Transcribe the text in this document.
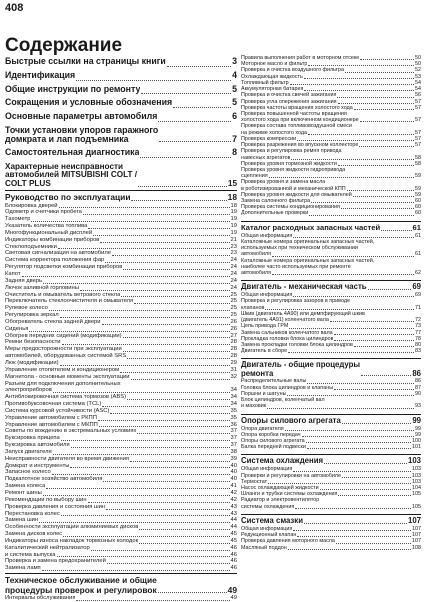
408
Содержание
Быстрые ссылки на страницы книги	3
Идентификация	4
Общие инструкции по ремонту	5
Сокращения и условные обозначения	5
Основные параметры автомобиля	6
Точки установки упоров гаражного
домкрата и лап подъемника	7
Самостоятельная диагностика	8
Характерные неисправности
автомобилей MITSUBISHI COLT /
COLT PLUS	15
Руководство по эксплуатации	18
Блокировка дверей	18
Одометр и счетчики пробега	19
Тахометр	19
Указатель количества топлива	19
Многофункциональный дисплей	19
Индикаторы комбинации приборов	21
Стеклоподъемники	23
Световая сигнализация на автомобиле	23
Система корректора положения фар	24
Регулятор подсветки комбинации приборов	24
Капот	24
Задняя дверь	24
Лючок заливной горловины	24
Очиститель и омыватель ветрового стекла	25
Переключатель стеклоочистителя и омывателя	25
Рулевое колесо	25
Регулировка зеркал	25
Обогреватель стекла задней двери	26
Сиденья	26
Обогрев передних сидений (модификации)	27
Ремни безопасности	28
Меры предосторожности при эксплуатации	28
автомобилей, оборудованных системой SRS	28
Люк (модификации)	29
Управление отопителем и кондиционером	31
Магнитола - основные моменты эксплуатации	32
Разъем для подключения дополнительных
электроприборов	34
Антиблокировочная система тормозов (ABS)	34
Противобуксовочная система (TCL)	34
Система курсовой устойчивости (ASC)	35
Управление автомобилем с РКПП	35
Управление автомобилем с МКПП	36
Советы по вождению в экстремальных условиях	37
Буксировка прицепа	37
Буксировка автомобиля	37
Запуск двигателя	38
Неисправности двигателя во время движения	39
Домкрат и инструменты	40
Запасное колесо	40
Подкапотное хозяйство автомобиля	40
Замена колеса	41
Ремонт шины	42
Рекомендации по выбору шин	42
Проверка давления и состояния шин	43
Перестановка колес	43
Замена шин	44
Особенности эксплуатации алюминиевых дисков	44
Замена дисков колес	45
Индикаторы износа накладок тормозных колодок	45
Каталитический нейтрализатор	46
и система выпуска	46
Проверка и замена предохранителей	46
Замена ламп	46
Техническое обслуживание и общие
процедуры проверок и регулировок	49
Интервалы обслуживания	49
Правила выполнения работ в моторном отсеке	50
Моторное масло и фильтр	50
Проверка и очистка воздушного фильтра	52
Охлаждающая жидкость	53
Топливный фильтр	54
Аккумуляторная батарея	54
Проверка и очистка свечей зажигания	56
Проверка угла опережения зажигания	57
Проверка частоты вращения холостого хода	57
Проверка повышенной частоты вращения
холостого хода при включенном кондиционере	57
Проверка состава топливовоздушной смеси
на режиме холостого хода	57
Проверка компрессии	57
Проверка разрежения во впускном коллекторе	57
Проверка и регулировка ремня привода
навесных агрегатов	58
Проверка уровня тормозной жидкости	58
Проверка уровня жидкости гидропривода
сцепления	59
Проверка уровня и замена масла
в роботизированной и механической КПП	59
Проверка уровня жидкости для омывателей	59
Замена салонного фильтра	60
Проверка системы кондиционирования	60
Дополнительные проверки	60
Каталог расходных запасных частей	61
Общая информация	61
Каталожные номера оригинальных запасных частей,
используемых при техническом обслуживании
автомобиля	61
Каталожные номера оригинальных запасных частей,
наиболее часто используемых при ремонте
автомобиля	62
Двигатель - механическая часть	69
Общая информация	69
Проверка и регулировка зазоров в приводе
клапанов	71
Шкив (двигатель 4A90) или демпфирующий шкив
(двигатель 4A91) коленчатого вала	72
Цепь привода ГРМ	73
Замена сальников коленчатого вала	77
Прокладка головки блока цилиндров	78
Замена прокладки головки блока цилиндров	80
Двигатель в сборе	83
Двигатель - общие процедуры
ремонта	86
Распределительные валы	86
Головка блока цилиндров и клапаны	87
Поршни и шатуны	90
Блок цилиндров, коленчатый вал
и маховик	93
Опоры силового агрегата	99
Опора двигателя	99
Опора коробки передач	99
Опоры силового агрегата	100
Балка передней подвески	101
Система охлаждения	103
Общая информация	103
Проверки и регулировки на автомобиле	103
Термостат	103
Насос охлаждающей жидкости	104
Шланги и трубки системы охлаждения	105
Радиатор и электровентилятор
системы охлаждения	105
Система смазки	107
Общая информация	107
Редукционный клапан	107
Проверка давления моторного масла	107
Масляный поддон	108
